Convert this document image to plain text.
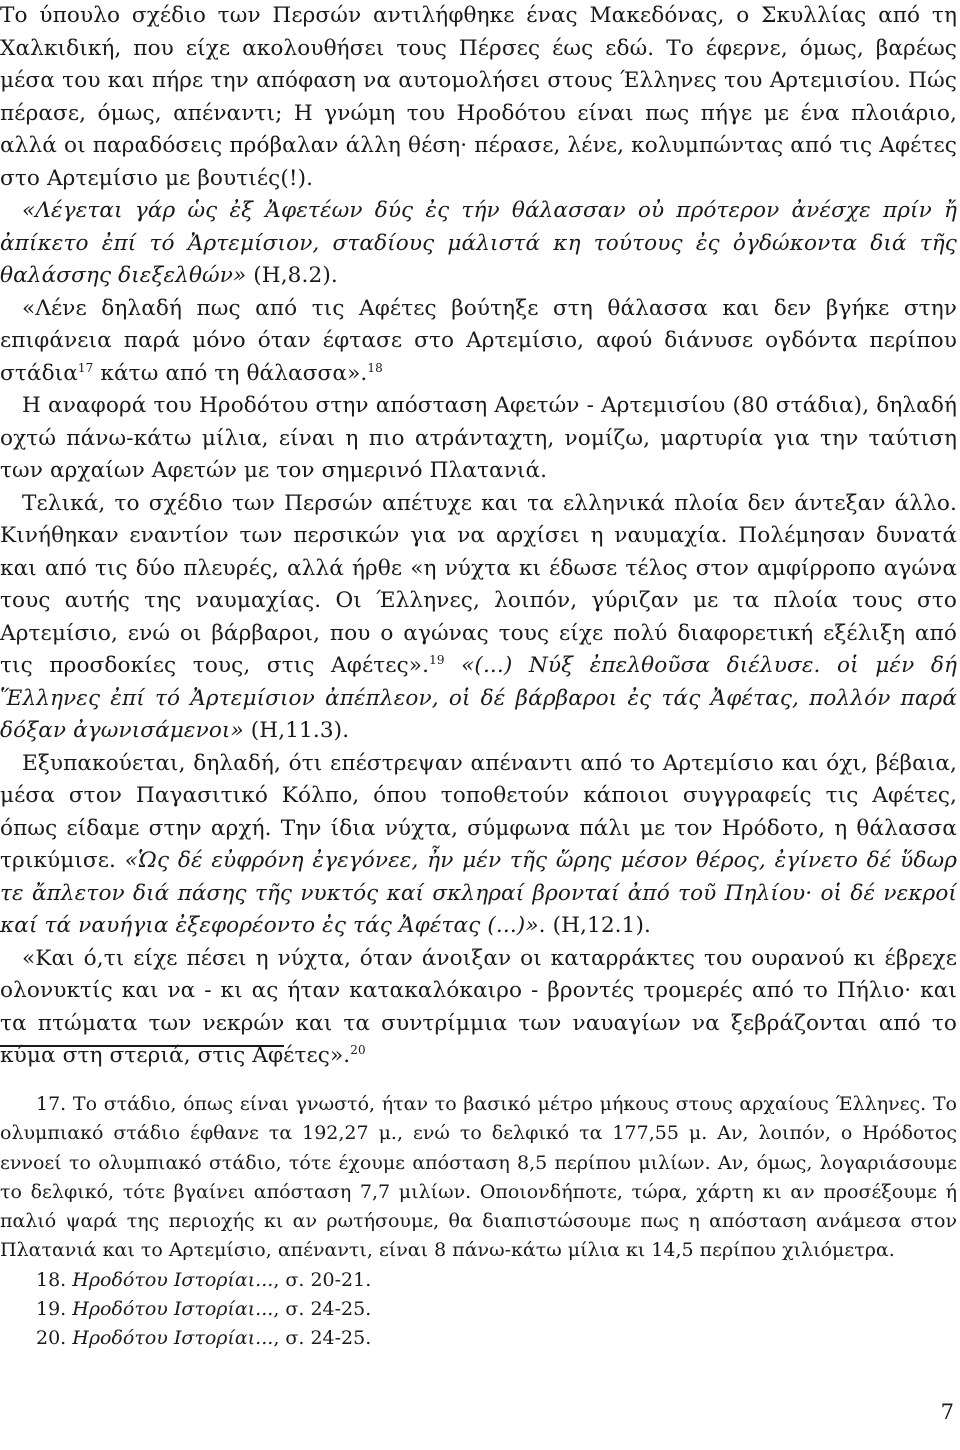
Το ύπουλο σχέδιο των Περσών αντιλήφθηκε ένας Μακεδόνας, ο Σκυλλίας από τη Χαλκιδική, που είχε ακολουθήσει τους Πέρσες έως εδώ. Το έφερνε, όμως, βαρέως μέσα του και πήρε την απόφαση να αυτομολήσει στους Έλληνες του Αρτεμισίου. Πώς πέρασε, όμως, απέναντι; Η γνώμη του Ηροδότου είναι πως πήγε με ένα πλοιάριο, αλλά οι παραδόσεις πρόβαλαν άλλη θέση· πέρασε, λένε, κολυμπώντας από τις Αφέτες στο Αρτεμίσιο με βουτιές(!).

«Λέγεται γάρ ὡς ἐξ Ἀφετέων δύς ἐς τήν θάλασσαν οὐ πρότερον ἀνέσχε πρίν ἤ ἀπίκετο ἐπί τό Ἀρτεμίσιον, σταδίους μάλιστά κη τούτους ἐς ὀγδώκοντα διά τῆς θαλάσσης διεξελθών» (Η,8.2).

«Λένε δηλαδή πως από τις Αφέτες βούτηξε στη θάλασσα και δεν βγήκε στην επιφάνεια παρά μόνο όταν έφτασε στο Αρτεμίσιο, αφού διάνυσε ογδόντα περίπου στάδια$^{17}$ κάτω από τη θάλασσα».$^{18}$

Η αναφορά του Ηροδότου στην απόσταση Αφετών - Αρτεμισίου (80 στάδια), δηλαδή οχτώ πάνω-κάτω μίλια, είναι η πιο ατράνταχτη, νομίζω, μαρτυρία για την ταύτιση των αρχαίων Αφετών με τον σημερινό Πλατανιά.

Τελικά, το σχέδιο των Περσών απέτυχε και τα ελληνικά πλοία δεν άντεξαν άλλο. Κινήθηκαν εναντίον των περσικών για να αρχίσει η ναυμαχία. Πολέμησαν δυνατά και από τις δύο πλευρές, αλλά ήρθε «η νύχτα κι έδωσε τέλος στον αμφίρροπο αγώνα τους αυτής της ναυμαχίας. Οι Έλληνες, λοιπόν, γύριζαν με τα πλοία τους στο Αρτεμίσιο, ενώ οι βάρβαροι, που ο αγώνας τους είχε πολύ διαφορετική εξέλιξη από τις προσδοκίες τους, στις Αφέτες».$^{19}$ «(...) Νύξ ἐπελθοῦσα διέλυσε. οἱ μέν δή Ἕλληνες ἐπί τό Ἀρτεμίσιον ἀπέπλεον, οἱ δέ βάρβαροι ἐς τάς Ἀφέτας, πολλόν παρά δόξαν ἀγωνισάμενοι» (Η,11.3).

Εξυπακούεται, δηλαδή, ότι επέστρεψαν απέναντι από το Αρτεμίσιο και όχι, βέβαια, μέσα στον Παγασιτικό Κόλπο, όπου τοποθετούν κάποιοι συγγραφείς τις Αφέτες, όπως είδαμε στην αρχή. Την ίδια νύχτα, σύμφωνα πάλι με τον Ηρόδοτο, η θάλασσα τρικύμισε. «Ὡς δέ εὐφρόνη ἐγεγόνεε, ἦν μέν τῆς ὥρης μέσον θέρος, ἐγίνετο δέ ὕδωρ τε ἄπλετον διά πάσης τῆς νυκτός καί σκληραί βρονταί ἀπό τοῦ Πηλίου· οἱ δέ νεκροί καί τά ναυήγια ἐξεφορέοντο ἐς τάς Ἀφέτας (...)». (Η,12.1).

«Και ό,τι είχε πέσει η νύχτα, όταν άνοιξαν οι καταρράκτες του ουρανού κι έβρεχε ολονυκτίς και να - κι ας ήταν κατακαλόκαιρο - βροντές τρομερές από το Πήλιο· και τα πτώματα των νεκρών και τα συντρίμμια των ναυαγίων να ξεβράζονται από το κύμα στη στεριά, στις Αφέτες».$^{20}$

17. Το στάδιο, όπως είναι γνωστό, ήταν το βασικό μέτρο μήκους στους αρχαίους Έλληνες. Το ολυμπιακό στάδιο έφθανε τα 192,27 μ., ενώ το δελφικό τα 177,55 μ. Αν, λοιπόν, ο Ηρόδοτος εννοεί το ολυμπιακό στάδιο, τότε έχουμε απόσταση 8,5 περίπου μιλίων. Αν, όμως, λογαριάσουμε το δελφικό, τότε βγαίνει απόσταση 7,7 μιλίων. Οποιονδήποτε, τώρα, χάρτη κι αν προσέξουμε ή παλιό ψαρά της περιοχής κι αν ρωτήσουμε, θα διαπιστώσουμε πως η απόσταση ανάμεσα στον Πλατανιά και το Αρτεμίσιο, απέναντι, είναι 8 πάνω-κάτω μίλια κι 14,5 περίπου χιλιόμετρα.

18. Ηροδότου Ιστορίαι..., σ. 20-21.

19. Ηροδότου Ιστορίαι..., σ. 24-25.

20. Ηροδότου Ιστορίαι..., σ. 24-25.

7
